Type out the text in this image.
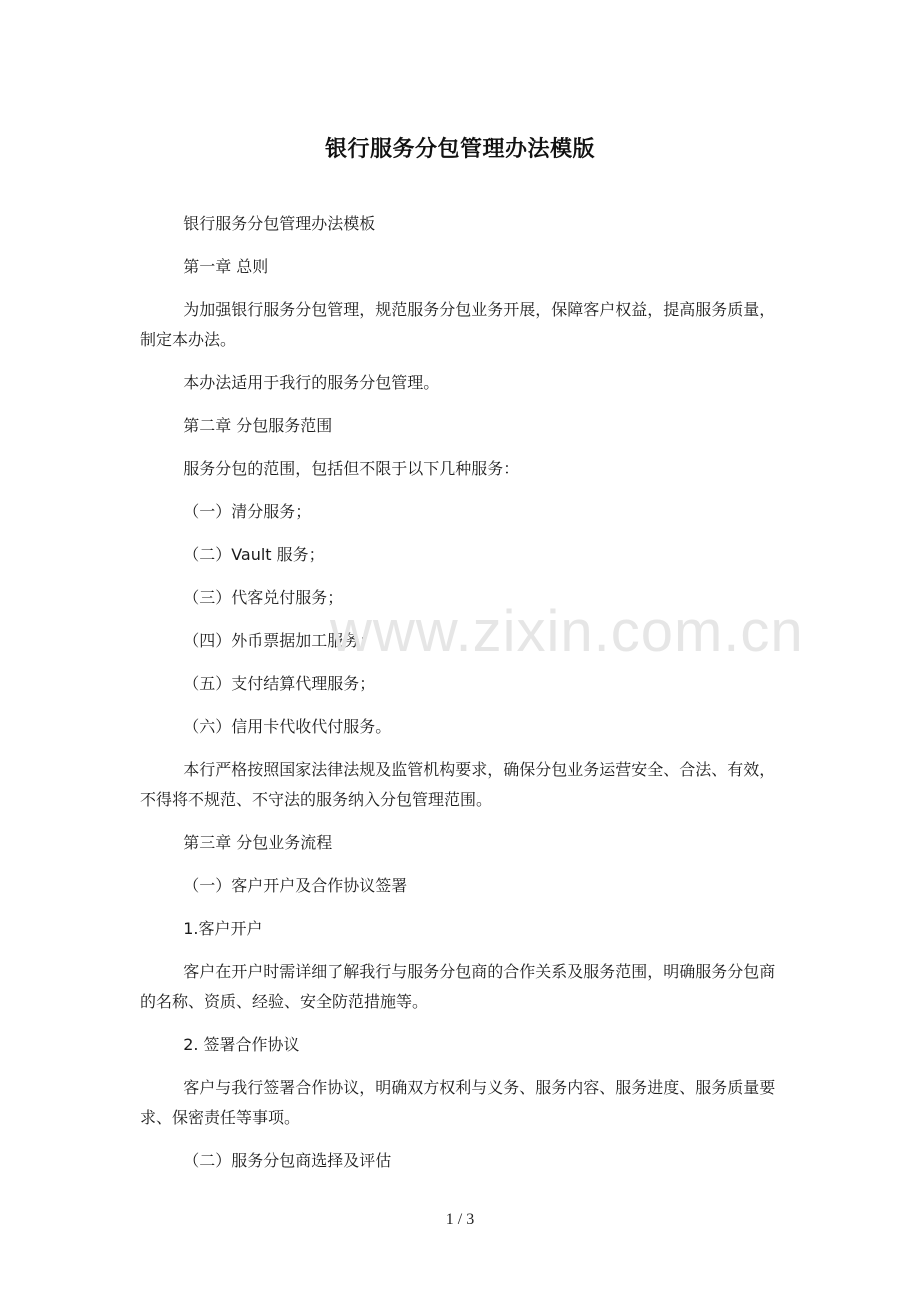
银行服务分包管理办法模版

银行服务分包管理办法模板

第一章 总则

为加强银行服务分包管理，规范服务分包业务开展，保障客户权益，提高服务质量，制定本办法。

本办法适用于我行的服务分包管理。

第二章 分包服务范围

服务分包的范围，包括但不限于以下几种服务：

（一）清分服务；

（二）Vault 服务；

（三）代客兑付服务；

（四）外币票据加工服务；

（五）支付结算代理服务；

（六）信用卡代收代付服务。

本行严格按照国家法律法规及监管机构要求，确保分包业务运营安全、合法、有效，不得将不规范、不守法的服务纳入分包管理范围。

第三章 分包业务流程

（一）客户开户及合作协议签署

1.客户开户

客户在开户时需详细了解我行与服务分包商的合作关系及服务范围，明确服务分包商的名称、资质、经验、安全防范措施等。

2. 签署合作协议

客户与我行签署合作协议，明确双方权利与义务、服务内容、服务进度、服务质量要求、保密责任等事项。

（二）服务分包商选择及评估

www.zixin.com.cn
1 / 3
